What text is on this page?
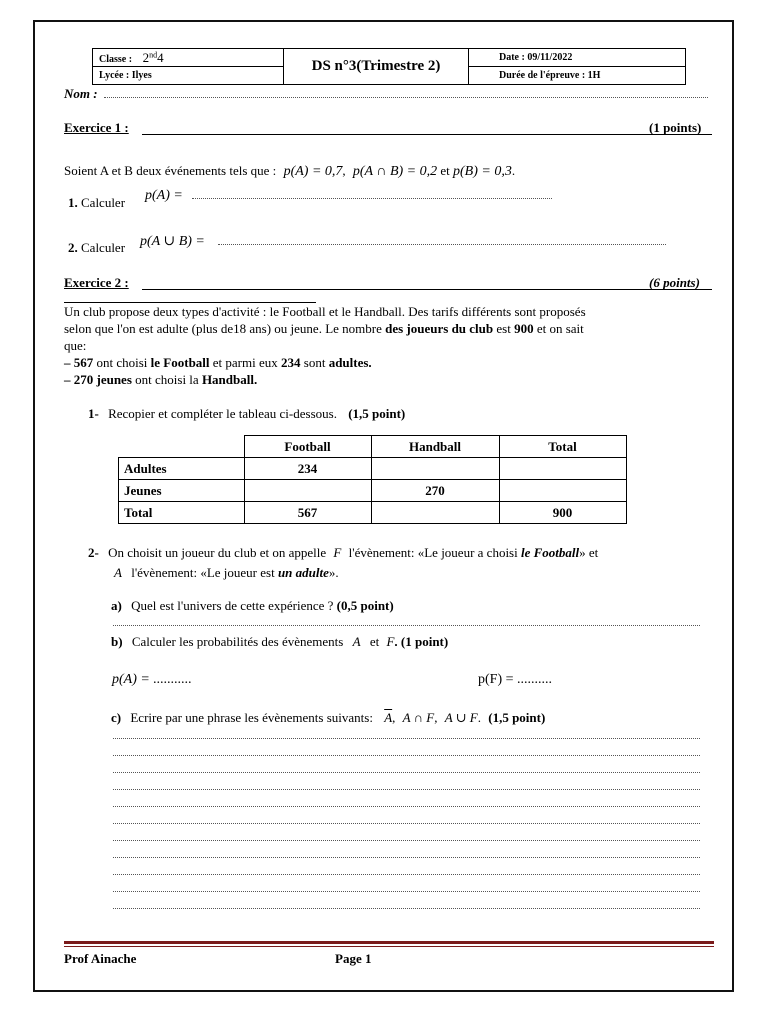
Classe : 2nd4	DS n°3(Trimestre 2)	Date : 09/11/2022
Lycée : Ilyes		Durée de l'épreuve : 1H
Nom :
Exercice 1 :	(1 points)
Soient A et B deux événements tels que : p(A) = 0,7, p(A ∩ B) = 0,2 et p(B) = 0,3.
1. Calculer p(A) =
2. Calculer p(A ∪ B) =
Exercice 2 :	(6 points)
Un club propose deux types d'activité : le Football et le Handball. Des tarifs différents sont proposés
selon que l'on est adulte (plus de18 ans) ou jeune. Le nombre des joueurs du club est 900 et on sait
que:
– 567 ont choisi le Football et parmi eux 234 sont adultes.
– 270 jeunes ont choisi la Handball.
1- Recopier et compléter le tableau ci-dessous. (1,5 point)
	Football	Handball	Total
Adultes	234		
Jeunes		270	
Total	567		900
2- On choisit un joueur du club et on appelle F l'évènement: «Le joueur a choisi le Football» et
A l'évènement: «Le joueur est un adulte».
a) Quel est l'univers de cette expérience ? (0,5 point)
b) Calculer les probabilités des évènements A et F. (1 point)
p(A) = ...........	p(F) = ..........
c) Ecrire par une phrase les évènements suivants: $\overline{A}$, A ∩ F, A ∪ F. (1,5 point)
Prof Ainache	Page 1
